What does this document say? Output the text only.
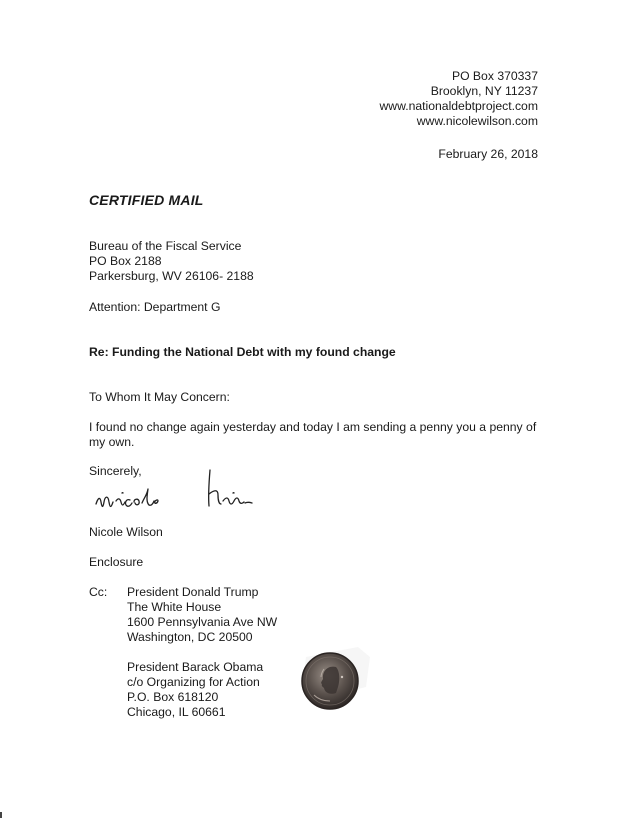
PO Box 370337
Brooklyn, NY 11237
www.nationaldebtproject.com
www.nicolewilson.com
February 26, 2018
CERTIFIED MAIL
Bureau of the Fiscal Service
PO Box 2188
Parkersburg, WV 26106- 2188
Attention: Department G
Re: Funding the National Debt with my found change
To Whom It May Concern:
I found no change again yesterday and today I am sending a penny you a penny of my own.
Sincerely,
Nicole Wilson
Enclosure
Cc: President Donald Trump
The White House
1600 Pennsylvania Ave NW
Washington, DC 20500
President Barack Obama
c/o Organizing for Action
P.O. Box 618120
Chicago, IL 60661
